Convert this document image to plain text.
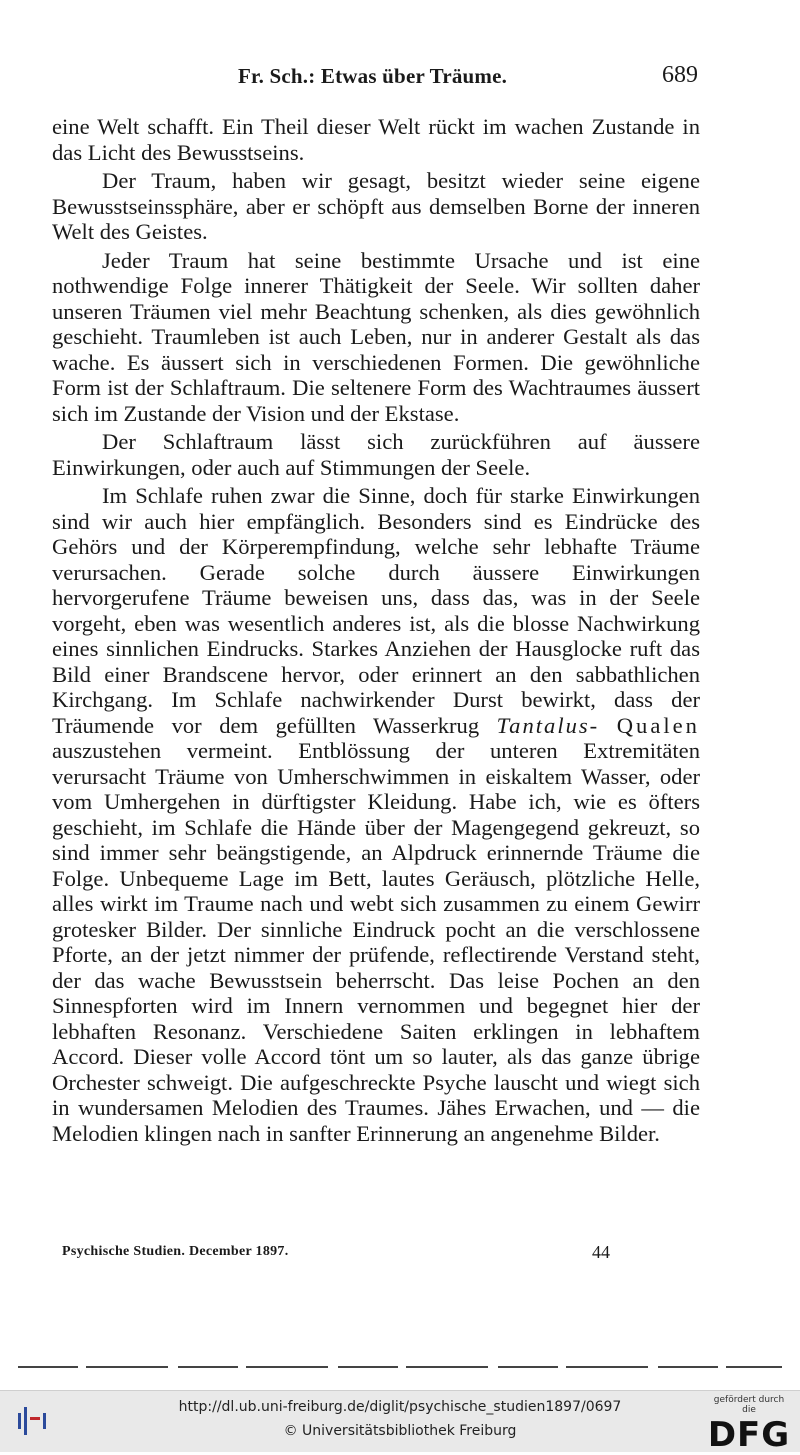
Fr. Sch.: Etwas über Träume.	689

eine Welt schafft. Ein Theil dieser Welt rückt im wachen Zustande in das Licht des Bewusstseins.

Der Traum, haben wir gesagt, besitzt wieder seine eigene Bewusstseinssphäre, aber er schöpft aus demselben Borne der inneren Welt des Geistes.

Jeder Traum hat seine bestimmte Ursache und ist eine nothwendige Folge innerer Thätigkeit der Seele. Wir sollten daher unseren Träumen viel mehr Beachtung schenken, als dies gewöhnlich geschieht. Traumleben ist auch Leben, nur in anderer Gestalt als das wache. Es äussert sich in verschiedenen Formen. Die gewöhnliche Form ist der Schlaftraum. Die seltenere Form des Wachtraumes äussert sich im Zustande der Vision und der Ekstase.

Der Schlaftraum lässt sich zurückführen auf äussere Einwirkungen, oder auch auf Stimmungen der Seele.

Im Schlafe ruhen zwar die Sinne, doch für starke Einwirkungen sind wir auch hier empfänglich. Besonders sind es Eindrücke des Gehörs und der Körperempfindung, welche sehr lebhafte Träume verursachen. Gerade solche durch äussere Einwirkungen hervorgerufene Träume beweisen uns, dass das, was in der Seele vorgeht, eben was wesentlich anderes ist, als die blosse Nachwirkung eines sinnlichen Eindrucks. Starkes Anziehen der Hausglocke ruft das Bild einer Brandscene hervor, oder erinnert an den sabbathlichen Kirchgang. Im Schlafe nachwirkender Durst bewirkt, dass der Träumende vor dem gefüllten Wasserkrug Tantalus- Qualen auszustehen vermeint. Entblössung der unteren Extremitäten verursacht Träume von Umherschwimmen in eiskaltem Wasser, oder vom Umhergehen in dürftigster Kleidung. Habe ich, wie es öfters geschieht, im Schlafe die Hände über der Magengegend gekreuzt, so sind immer sehr beängstigende, an Alpdruck erinnernde Träume die Folge. Unbequeme Lage im Bett, lautes Geräusch, plötzliche Helle, alles wirkt im Traume nach und webt sich zusammen zu einem Gewirr grotesker Bilder. Der sinnliche Eindruck pocht an die verschlossene Pforte, an der jetzt nimmer der prüfende, reflectirende Verstand steht, der das wache Bewusstsein beherrscht. Das leise Pochen an den Sinnespforten wird im Innern vernommen und begegnet hier der lebhaften Resonanz. Verschiedene Saiten erklingen in lebhaftem Accord. Dieser volle Accord tönt um so lauter, als das ganze übrige Orchester schweigt. Die aufgeschreckte Psyche lauscht und wiegt sich in wundersamen Melodien des Traumes. Jähes Erwachen, und — die Melodien klingen nach in sanfter Erinnerung an angenehme Bilder.

Psychische Studien. December 1897.	44
http://dl.ub.uni-freiburg.de/diglit/psychische_studien1897/0697
© Universitätsbibliothek Freiburg
gefördert durch die
DFG
